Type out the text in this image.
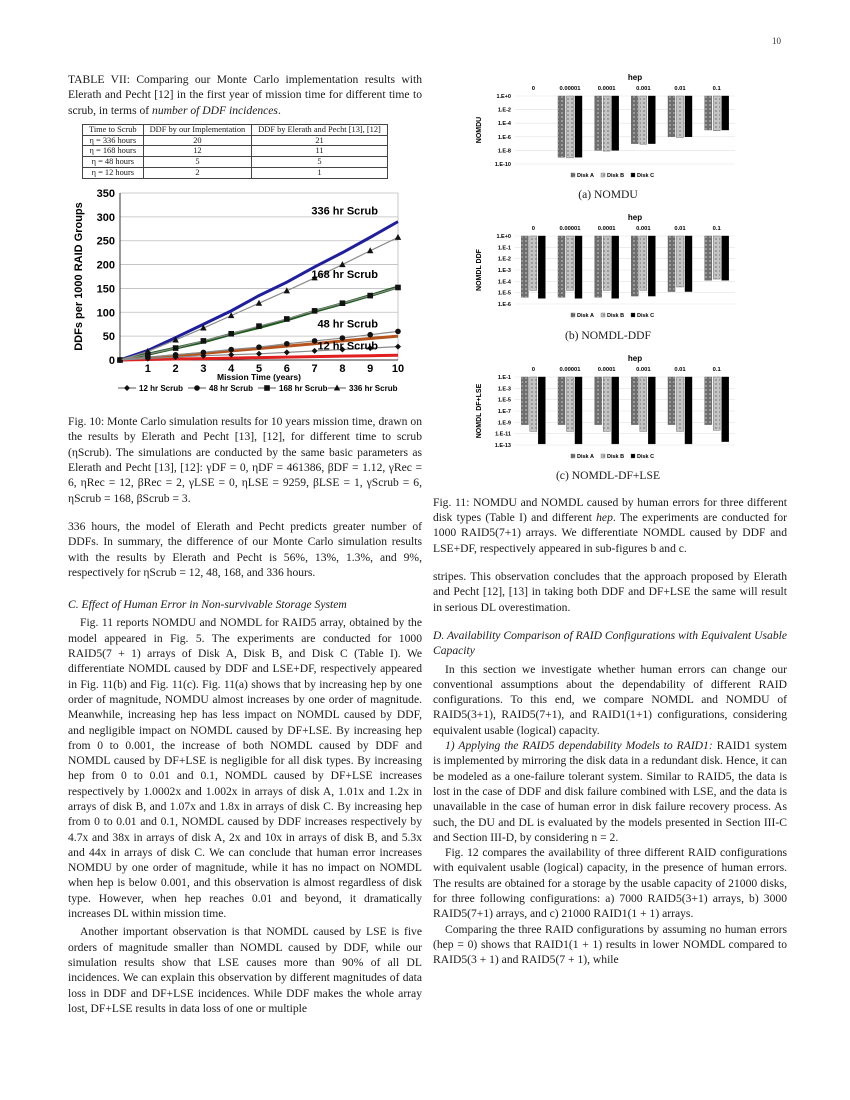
10

TABLE VII: Comparing our Monte Carlo implementation results with Elerath and Pecht [12] in the first year of mission time for different time to scrub, in terms of number of DDF incidences.

Time to Scrub	DDF by our Implementation	DDF by Elerath and Pecht [13], [12]
η = 336 hours	20	21
η = 168 hours	12	11
η = 48 hours	5	5
η = 12 hours	2	1
0
50
100
150
200
250
300
350
1 2 3 4 5 6 7 8 9 10
Mission Time (years)
DDFs per 1000 RAID Groups	336 hr Scrub
168 hr Scrub
48 hr Scrub
12 hr Scrub
12 hr Scrub	48 hr Scrub	168 hr Scrub	336 hr Scrub

Fig. 10: Monte Carlo simulation results for 10 years mission time, drawn on the results by Elerath and Pecht [13], [12], for different time to scrub (ηScrub). The simulations are conducted by the same basic parameters as Elerath and Pecht [13], [12]: γDF = 0, ηDF = 461386, βDF = 1.12, γRec = 6, ηRec = 12, βRec = 2, γLSE = 0, ηLSE = 9259, βLSE = 1, γScrub = 6, ηScrub = 168, βScrub = 3.

336 hours, the model of Elerath and Pecht predicts greater number of DDFs. In summary, the difference of our Monte Carlo simulation results with the results by Elerath and Pecht is 56%, 13%, 1.3%, and 9%, respectively for ηScrub = 12, 48, 168, and 336 hours.

C. Effect of Human Error in Non-survivable Storage System

Fig. 11 reports NOMDU and NOMDL for RAID5 array, obtained by the model appeared in Fig. 5. The experiments are conducted for 1000 RAID5(7 + 1) arrays of Disk A, Disk B, and Disk C (Table I). We differentiate NOMDL caused by DDF and LSE+DF, respectively appeared in Fig. 11(b) and Fig. 11(c). Fig. 11(a) shows that by increasing hep by one order of magnitude, NOMDU almost increases by one order of magnitude. Meanwhile, increasing hep has less impact on NOMDL caused by DDF, and negligible impact on NOMDL caused by DF+LSE. By increasing hep from 0 to 0.001, the increase of both NOMDL caused by DDF and NOMDL caused by DF+LSE is negligible for all disk types. By increasing hep from 0 to 0.01 and 0.1, NOMDL caused by DF+LSE increases respectively by 1.0002x and 1.002x in arrays of disk A, 1.01x and 1.2x in arrays of disk B, and 1.07x and 1.8x in arrays of disk C. By increasing hep from 0 to 0.01 and 0.1, NOMDL caused by DDF increases respectively by 4.7x and 38x in arrays of disk A, 2x and 10x in arrays of disk B, and 5.3x and 44x in arrays of disk C. We can conclude that human error increases NOMDU by one order of magnitude, while it has no impact on NOMDL when hep is below 0.001, and this observation is almost regardless of disk type. However, when hep reaches 0.01 and beyond, it dramatically increases DL within mission time.

Another important observation is that NOMDL caused by LSE is five orders of magnitude smaller than NOMDL caused by DDF, while our simulation results show that LSE causes more than 90% of all DL incidences. We can explain this observation by different magnitudes of data loss in DDF and DF+LSE incidences. While DDF makes the whole array lost, DF+LSE results in data loss of one or multiple

hep
1.E+0
1.E-2
1.E-4
1.E-6
1.E-8
1.E-10
NOMDU
0	0.00001	0.0001	0.001	0.01	0.1
Disk A Disk B Disk C
(a) NOMDU
hep
1.E+0
1.E-1
1.E-2
1.E-3
1.E-4
1.E-5
1.E-6
NOMDL DDF
0	0.00001	0.0001	0.001	0.01	0.1
Disk A Disk B Disk C
(b) NOMDL-DDF
hep
1.E-1
1.E-3
1.E-5
1.E-7
1.E-9
1.E-11
1.E-13
NOMDL DF+LSE
0	0.00001	0.0001	0.001	0.01	0.1
Disk A Disk B Disk C
(c) NOMDL-DF+LSE

Fig. 11: NOMDU and NOMDL caused by human errors for three different disk types (Table I) and different hep. The experiments are conducted for 1000 RAID5(7+1) arrays. We differentiate NOMDL caused by DDF and LSE+DF, respectively appeared in sub-figures b and c.

stripes. This observation concludes that the approach proposed by Elerath and Pecht [12], [13] in taking both DDF and DF+LSE the same will result in serious DL overestimation.

D. Availability Comparison of RAID Configurations with Equivalent Usable Capacity

In this section we investigate whether human errors can change our conventional assumptions about the dependability of different RAID configurations. To this end, we compare NOMDL and NOMDU of RAID5(3+1), RAID5(7+1), and RAID1(1+1) configurations, considering equivalent usable (logical) capacity.

1) Applying the RAID5 dependability Models to RAID1: RAID1 system is implemented by mirroring the disk data in a redundant disk. Hence, it can be modeled as a one-failure tolerant system. Similar to RAID5, the data is lost in the case of DDF and disk failure combined with LSE, and the data is unavailable in the case of human error in disk failure recovery process. As such, the DU and DL is evaluated by the models presented in Section III-C and Section III-D, by considering n = 2.

Fig. 12 compares the availability of three different RAID configurations with equivalent usable (logical) capacity, in the presence of human errors. The results are obtained for a storage by the usable capacity of 21000 disks, for three following configurations: a) 7000 RAID5(3+1) arrays, b) 3000 RAID5(7+1) arrays, and c) 21000 RAID1(1 + 1) arrays.

Comparing the three RAID configurations by assuming no human errors (hep = 0) shows that RAID1(1 + 1) results in lower NOMDL compared to RAID5(3 + 1) and RAID5(7 + 1), while
